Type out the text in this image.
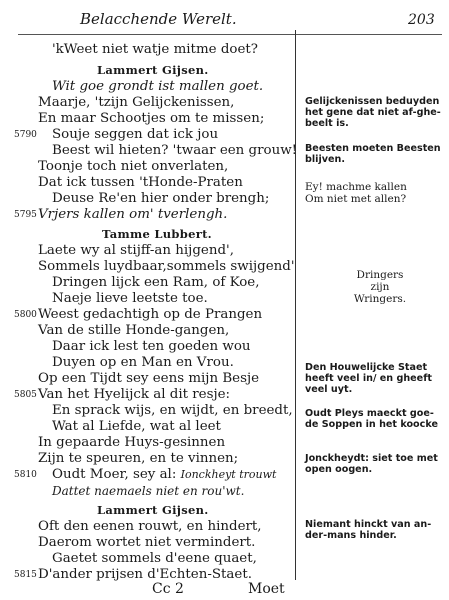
Belacchende Werelt.	203
'kWeet niet watje mitme doet?
Lammert Gijsen.
Wit goe grondt ist mallen goet.
Maarje, 'tzijn Gelijckenissen,
En maar Schootjes om te missen;
Souje seggen dat ick jou
Beest wil hieten? 'twaar een grouw!
Toonje toch niet onverlaten,
Dat ick tussen 'tHonde-Praten
Deuse Re'en hier onder brengh;
Vrjers kallen om' tverlengh.
Tamme Lubbert.
Laete wy al stijff-an hijgend',
Sommels luydbaar,sommels swijgend'
Dringen lijck een Ram, of Koe,
Naeje lieve leetste toe.
Weest gedachtigh op de Prangen
Van de stille Honde-gangen,
Daar ick lest ten goeden wou
Duyen op en Man en Vrou.
Op een Tijdt sey eens mijn Besje
Van het Hyelijck al dit resje:
En sprack wijs, en wijdt, en breedt,
Wat al Liefde, wat al leet
In gepaarde Huys-gesinnen
Zijn te speuren, en te vinnen;
Oudt Moer, sey al: Ionckheyt trouwt
Dattet naemaels niet en rou'wt.
Lammert Gijsen.
Oft den eenen rouwt, en hindert,
Daerom wortet niet vermindert.
Gaetet sommels d'eene quaet,
D'ander prijsen d'Echten-Staet.
5790
5795
5800
5805
5810
5815
Gelijckenissen beduyden
het gene dat niet af-ghe-
beelt is.
Beesten moeten Beesten
blijven.
Ey! machme kallen
Om niet met allen?
Dringers
zijn
Wringers.
Den Houwelijcke Staet
heeft veel in/ en gheeft
veel uyt.
Oudt Pleys maeckt goe-
de Soppen in het koocke
Jonckheydt: siet toe met
open oogen.
Niemant hinckt van an-
der-mans hinder.
Cc 2	Moet
